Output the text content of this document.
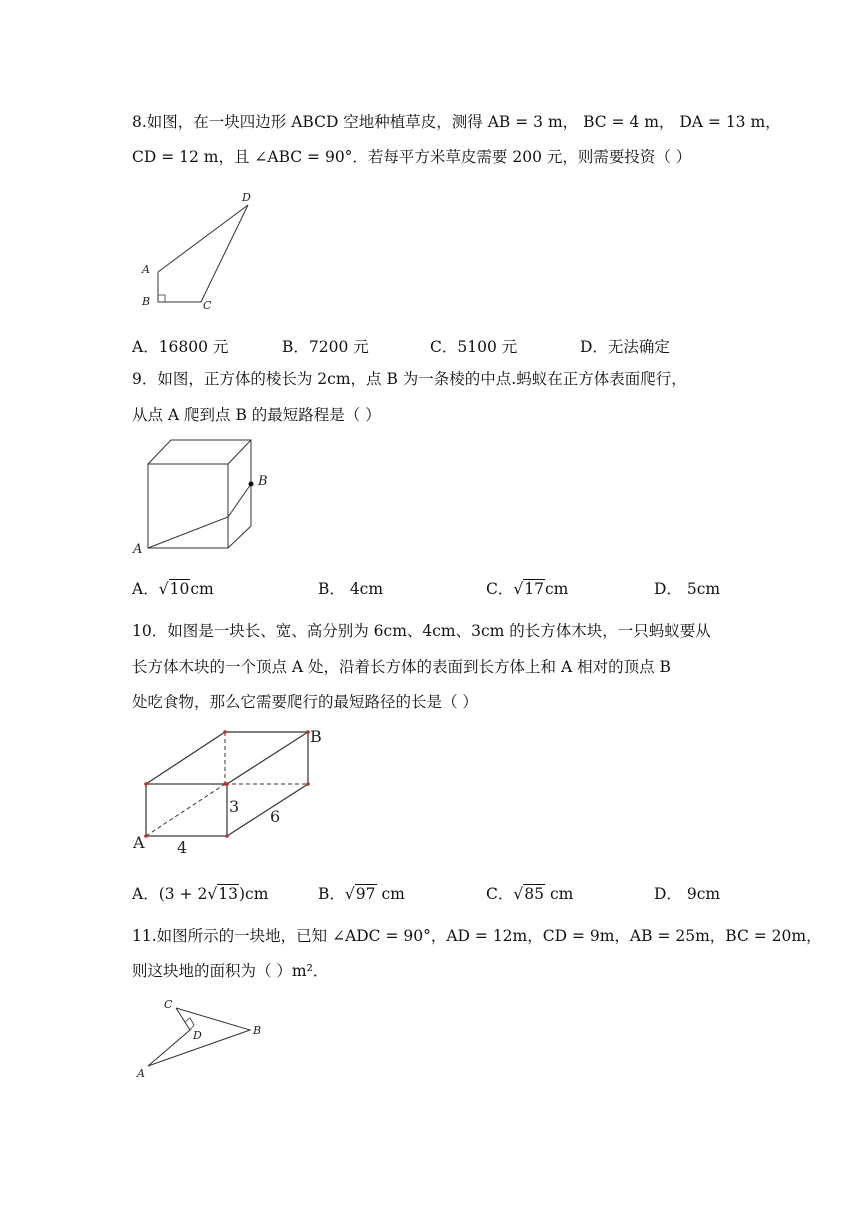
8.如图，在一块四边形 ABCD 空地种植草皮，测得 AB = 3 m， BC = 4 m， DA = 13 m，
CD = 12 m，且 ∠ABC = 90°．若每平方米草皮需要 200 元，则需要投资（ ）
D
A
B	C
A．16800 元	B．7200 元	C．5100 元	D．无法确定
9．如图，正方体的棱长为 2cm，点 B 为一条棱的中点.蚂蚁在正方体表面爬行，
从点 A 爬到点 B 的最短路程是（ ）
B
A
A．√10cm	B． 4cm	C．√17cm	D． 5cm
10．如图是一块长、宽、高分别为 6cm、4cm、3cm 的长方体木块，一只蚂蚁要从
长方体木块的一个顶点 A 处，沿着长方体的表面到长方体上和 A 相对的顶点 B
处吃食物，那么它需要爬行的最短路径的长是（ ）
B
A
3
6
4
A．(3 + 2√13)cm	B．√97 cm	C．√85 cm	D． 9cm
11.如图所示的一块地，已知 ∠ADC = 90°，AD = 12m，CD = 9m，AB = 25m，BC = 20m，
则这块地的面积为（ ）m²．
C
D	B
A
